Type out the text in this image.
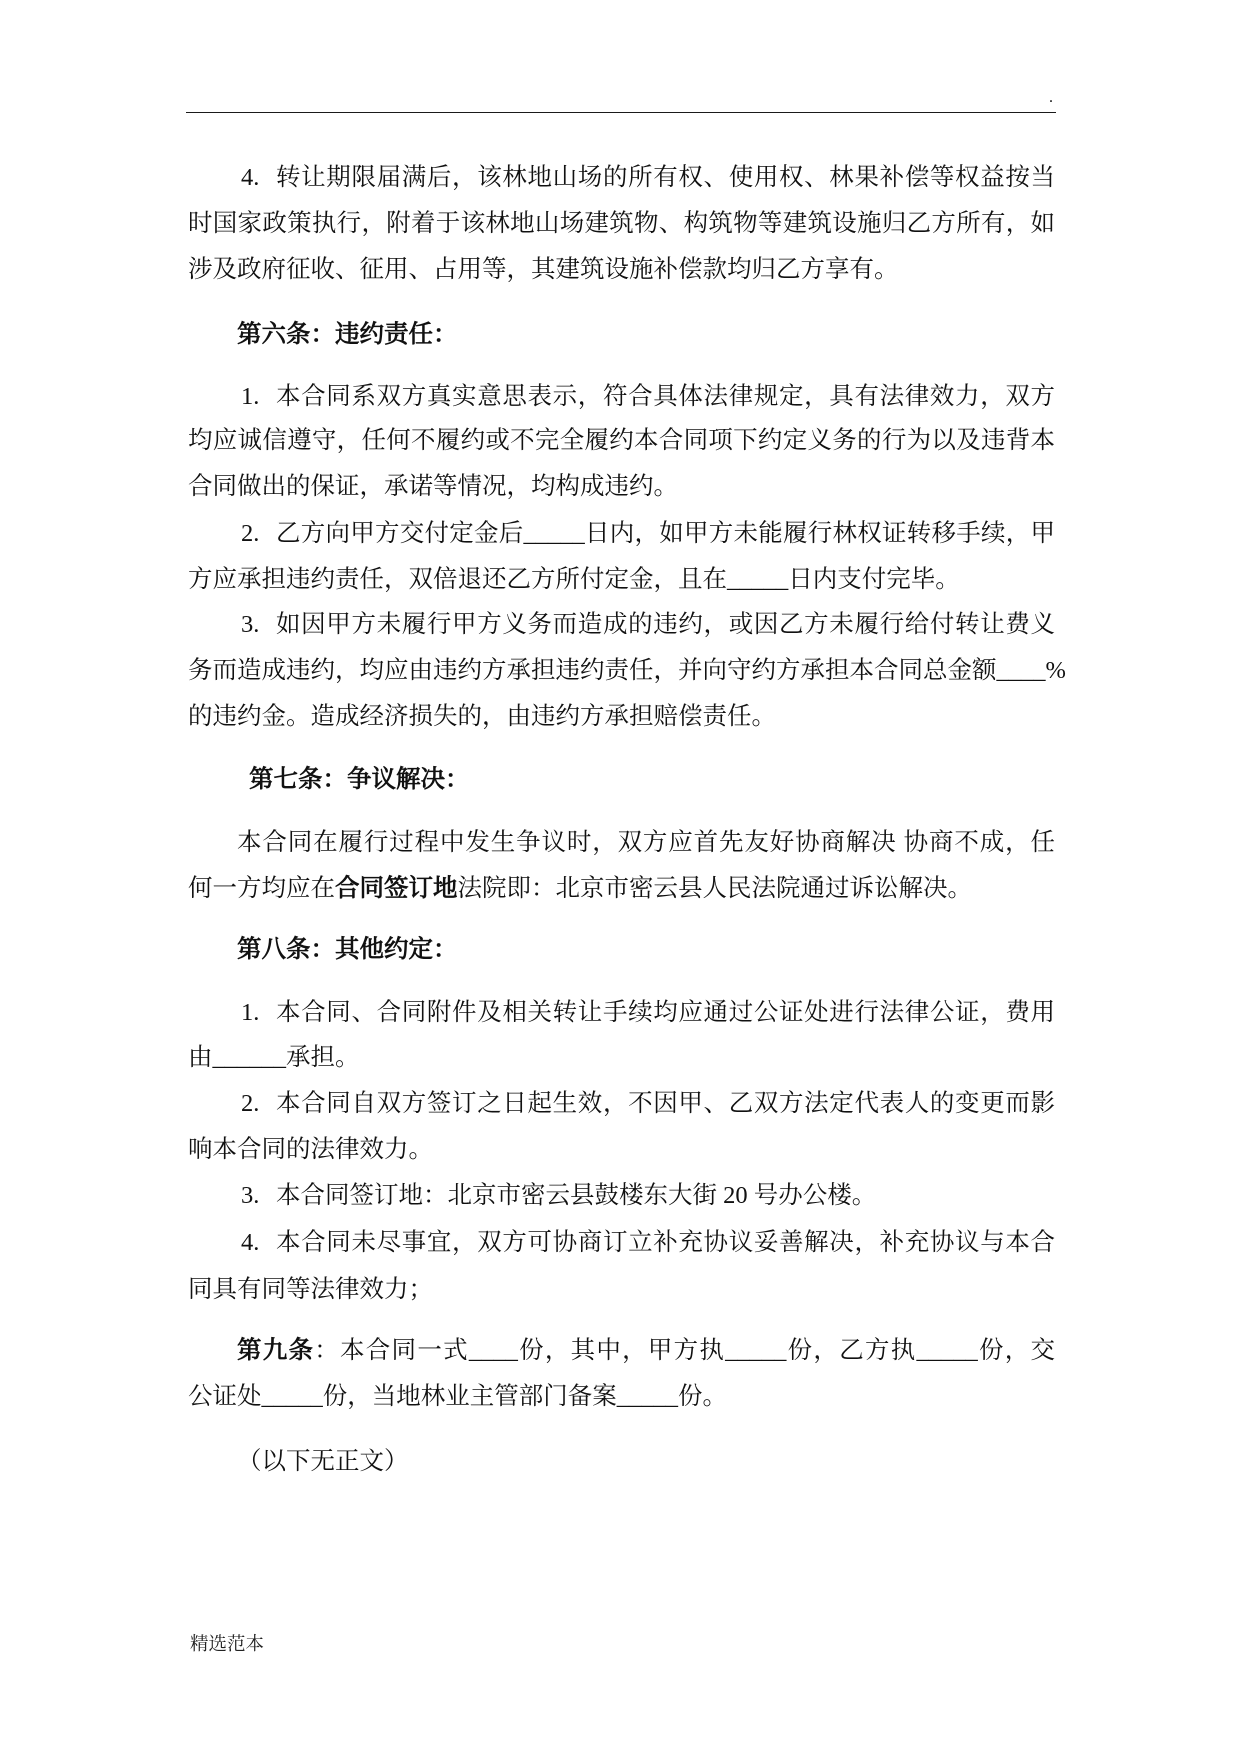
.
4. 转让期限届满后，该林地山场的所有权、使用权、林果补偿等权益按当
时国家政策执行，附着于该林地山场建筑物、构筑物等建筑设施归乙方所有，如
涉及政府征收、征用、占用等，其建筑设施补偿款均归乙方享有。
第六条：违约责任：
1. 本合同系双方真实意思表示，符合具体法律规定，具有法律效力，双方
均应诚信遵守，任何不履约或不完全履约本合同项下约定义务的行为以及违背本
合同做出的保证，承诺等情况，均构成违约。
2. 乙方向甲方交付定金后_____日内，如甲方未能履行林权证转移手续，甲
方应承担违约责任，双倍退还乙方所付定金，且在_____日内支付完毕。
3. 如因甲方未履行甲方义务而造成的违约，或因乙方未履行给付转让费义
务而造成违约，均应由违约方承担违约责任，并向守约方承担本合同总金额____%
的违约金。造成经济损失的，由违约方承担赔偿责任。
第七条：争议解决：
本合同在履行过程中发生争议时，双方应首先友好协商解决 协商不成，任
何一方均应在合同签订地法院即：北京市密云县人民法院通过诉讼解决。
第八条：其他约定：
1. 本合同、合同附件及相关转让手续均应通过公证处进行法律公证，费用
由______承担。
2. 本合同自双方签订之日起生效，不因甲、乙双方法定代表人的变更而影
响本合同的法律效力。
3. 本合同签订地：北京市密云县鼓楼东大街 20 号办公楼。
4. 本合同未尽事宜，双方可协商订立补充协议妥善解决，补充协议与本合
同具有同等法律效力；
第九条：本合同一式____份，其中，甲方执_____份，乙方执_____份，交
公证处_____份，当地林业主管部门备案_____份。
（以下无正文）
精选范本
